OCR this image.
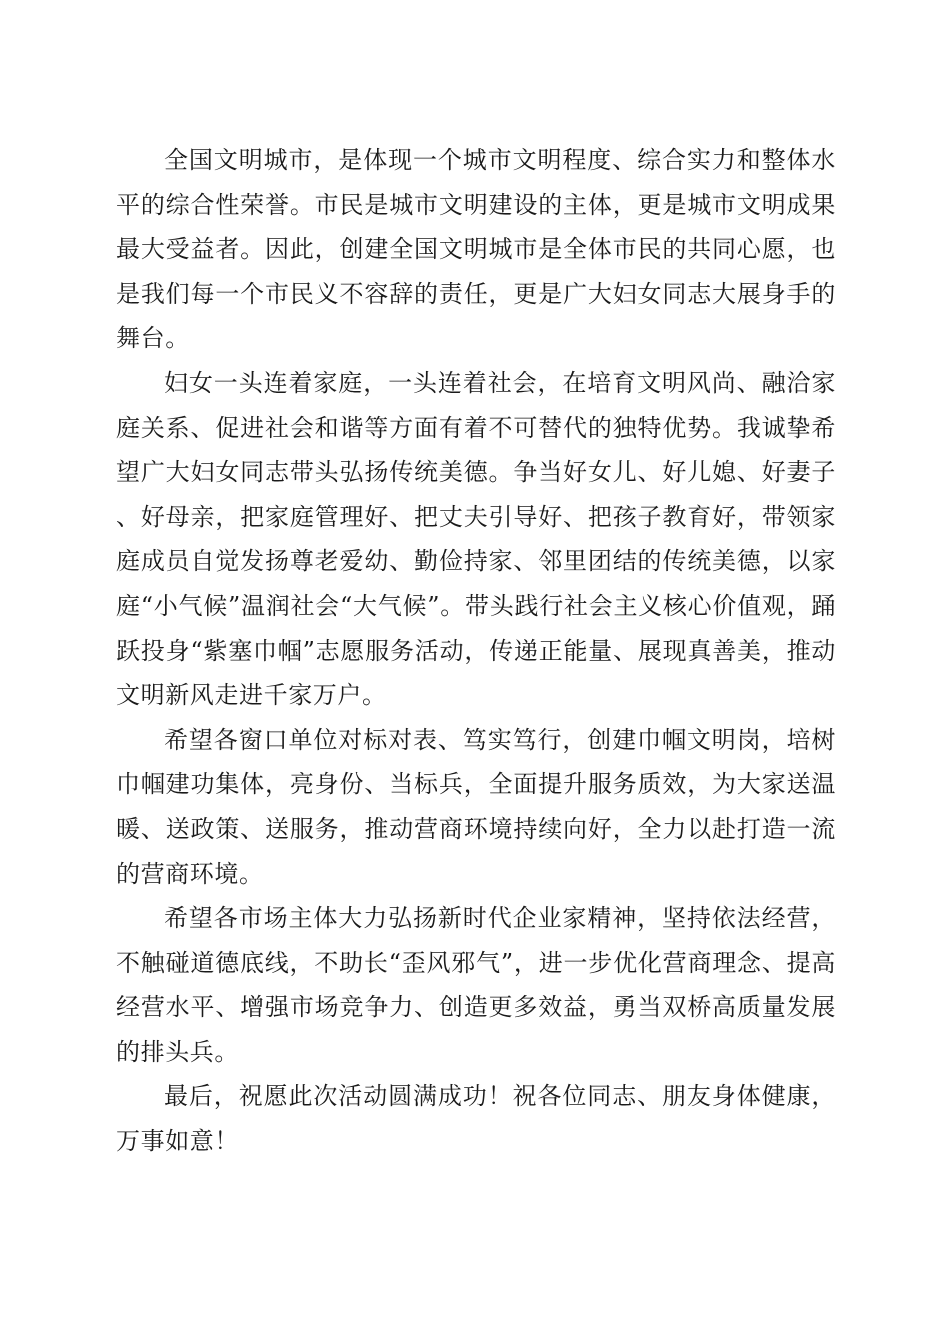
全国文明城市，是体现一个城市文明程度、综合实力和整体水平的综合性荣誉。市民是城市文明建设的主体，更是城市文明成果最大受益者。因此，创建全国文明城市是全体市民的共同心愿，也是我们每一个市民义不容辞的责任，更是广大妇女同志大展身手的舞台。

妇女一头连着家庭，一头连着社会，在培育文明风尚、融洽家庭关系、促进社会和谐等方面有着不可替代的独特优势。我诚挚希望广大妇女同志带头弘扬传统美德。争当好女儿、好儿媳、好妻子、好母亲，把家庭管理好、把丈夫引导好、把孩子教育好，带领家庭成员自觉发扬尊老爱幼、勤俭持家、邻里团结的传统美德，以家庭“小气候”温润社会“大气候”。带头践行社会主义核心价值观，踊跃投身“紫塞巾帼”志愿服务活动，传递正能量、展现真善美，推动文明新风走进千家万户。

希望各窗口单位对标对表、笃实笃行，创建巾帼文明岗，培树巾帼建功集体，亮身份、当标兵，全面提升服务质效，为大家送温暖、送政策、送服务，推动营商环境持续向好，全力以赴打造一流的营商环境。

希望各市场主体大力弘扬新时代企业家精神，坚持依法经营，不触碰道德底线，不助长“歪风邪气”，进一步优化营商理念、提高经营水平、增强市场竞争力、创造更多效益，勇当双桥高质量发展的排头兵。

最后，祝愿此次活动圆满成功！祝各位同志、朋友身体健康，万事如意！
